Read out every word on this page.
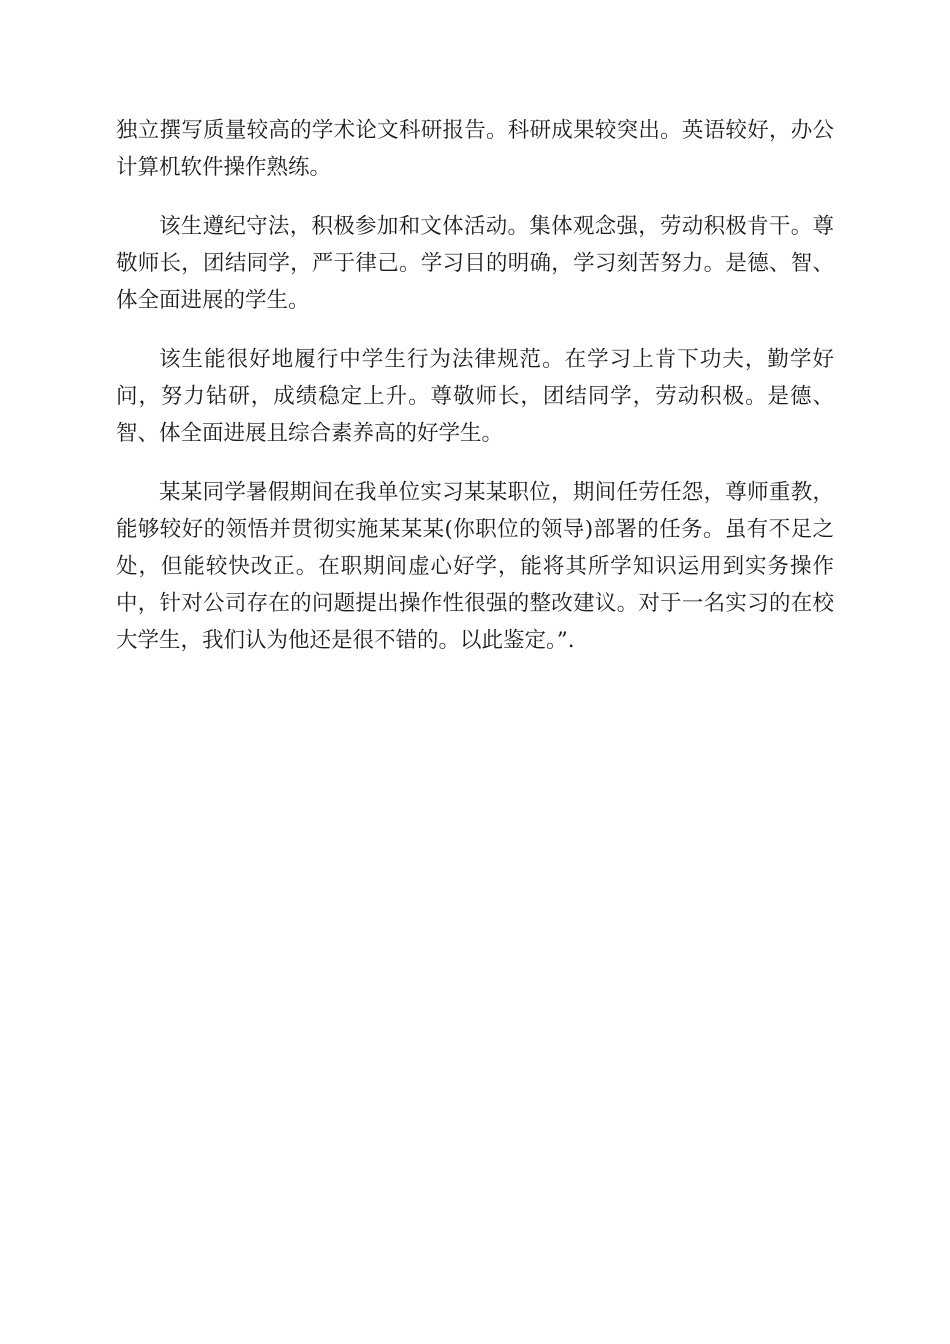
独立撰写质量较高的学术论文科研报告。科研成果较突出。英语较好，办公计算机软件操作熟练。

该生遵纪守法，积极参加和文体活动。集体观念强，劳动积极肯干。尊敬师长，团结同学，严于律己。学习目的明确，学习刻苦努力。是德、智、体全面进展的学生。

该生能很好地履行中学生行为法律规范。在学习上肯下功夫，勤学好问，努力钻研，成绩稳定上升。尊敬师长，团结同学，劳动积极。是德、智、体全面进展且综合素养高的好学生。

某某同学暑假期间在我单位实习某某职位，期间任劳任怨，尊师重教，能够较好的领悟并贯彻实施某某某(你职位的领导)部署的任务。虽有不足之处，但能较快改正。在职期间虚心好学，能将其所学知识运用到实务操作中，针对公司存在的问题提出操作性很强的整改建议。对于一名实习的在校大学生，我们认为他还是很不错的。以此鉴定。”.
